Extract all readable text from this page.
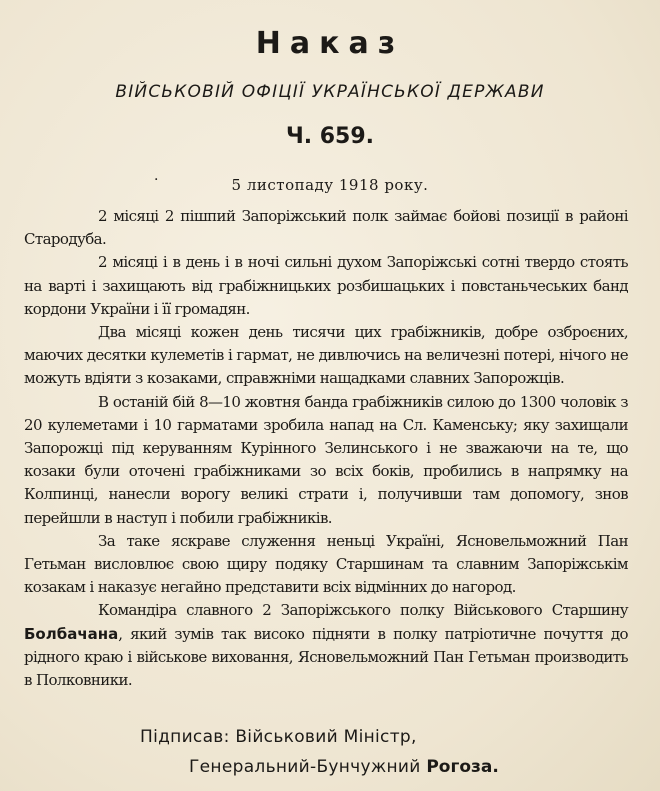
Наказ
ВІЙСЬКОВІЙ ОФІЦІЇ УКРАЇНСЬКОЇ ДЕРЖАВИ
Ч. 659.
·	5 листопаду 1918 року.

2 місяці 2 пішпий Запоріжський полк займає бойові позиції в районі Стародуба.

2 місяці і в день і в ночі сильні духом Запоріжські сотні твердо стоять на варті і захищають від грабіжницьких розбишацьких і повстаньчеських банд кордони України і її громадян.

Два місяці кожен день тисячи цих грабіжників, добре озброєних, маючих десятки кулеметів і гармат, не дивлючись на величезні потері, нічого не можуть вдіяти з козаками, справжніми нащадками славних Запорожців.

В останій бій 8—10 жовтня банда грабіжників силою до 1300 чоловік з 20 кулеметами і 10 гарматами зробила напад на Сл. Каменську; яку захищали Запорожці під керуванням Курінного Зелинського і не зважаючи на те, що козаки були оточені грабіжниками зо всіх боків, пробились в напрямку на Колпинці, нанесли ворогу великі страти і, получивши там допомогу, знов перейшли в наступ і побили грабіжників.

За таке яскраве служення неньці Україні, Ясновельможний Пан Гетьман висловлює свою щиру подяку Старшинам та славним Запоріжськім козакам і наказує негайно представити всіх відмінних до нагород.

Командіра славного 2 Запоріжського полку Військового Старшину Болбачана, який зумів так високо підняти в полку патріотичне почуття до рідного краю і військове виховання, Ясновельможний Пан Гетьман производить в Полковники.

Підписав: Військовий Міністр,
Генеральний-Бунчужний Рогоза.
